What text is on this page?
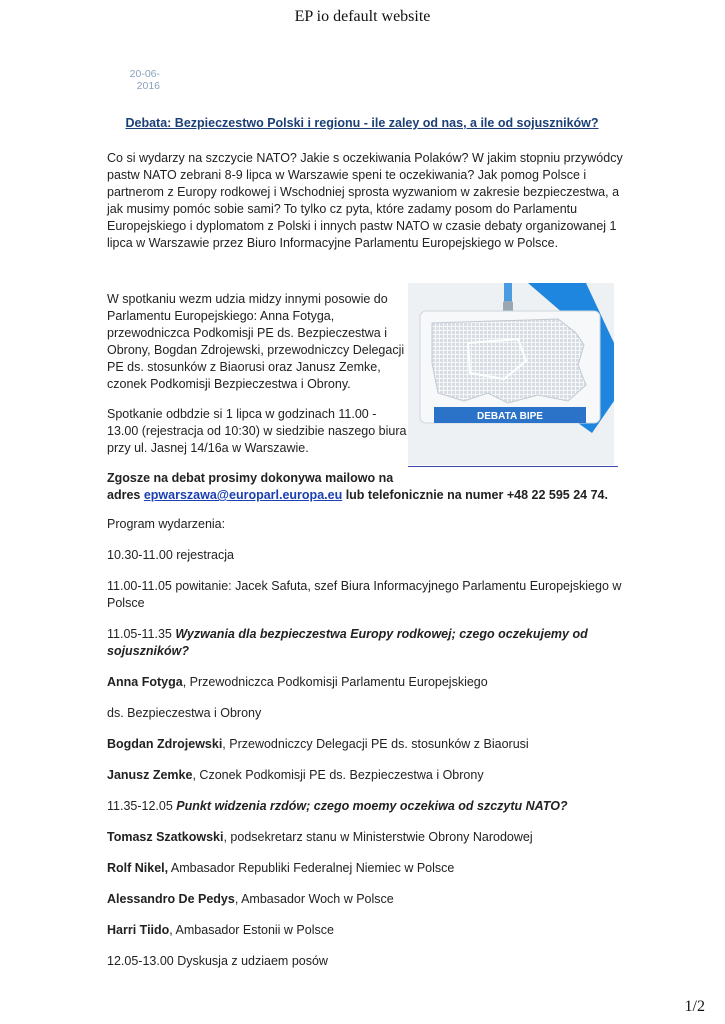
EP io default website
20-06-
2016
Debata: Bezpieczestwo Polski i regionu - ile zaley od nas, a ile od sojuszników?

Co si wydarzy na szczycie NATO? Jakie s oczekiwania Polaków? W jakim stopniu przywódcy pastw NATO zebrani 8-9 lipca w Warszawie speni te oczekiwania? Jak pomog Polsce i partnerom z Europy rodkowej i Wschodniej sprosta wyzwaniom w zakresie bezpieczestwa, a jak musimy pomóc sobie sami? To tylko cz pyta, które zadamy posom do Parlamentu Europejskiego i dyplomatom z Polski i innych pastw NATO w czasie debaty organizowanej 1 lipca w Warszawie przez Biuro Informacyjne Parlamentu Europejskiego w Polsce.

W spotkaniu wezm udzia midzy innymi posowie do Parlamentu Europejskiego: Anna Fotyga, przewodniczca Podkomisji PE ds. Bezpieczestwa i Obrony, Bogdan Zdrojewski, przewodniczcy Delegacji PE ds. stosunków z Biaorusi oraz Janusz Zemke, czonek Podkomisji Bezpieczestwa i Obrony.

Spotkanie odbdzie si 1 lipca w godzinach 11.00 - 13.00 (rejestracja od 10:30) w siedzibie naszego biura przy ul. Jasnej 14/16a w Warszawie.

DEBATA BIPE

Zgosze na debat prosimy dokonywa mailowo na
adres epwarszawa@europarl.europa.eu lub telefonicznie na numer +48 22 595 24 74.

Program wydarzenia:

10.30-11.00 rejestracja

11.00-11.05 powitanie: Jacek Safuta, szef Biura Informacyjnego Parlamentu Europejskiego w Polsce

11.05-11.35 Wyzwania dla bezpieczestwa Europy rodkowej; czego oczekujemy od sojuszników?

Anna Fotyga, Przewodniczca Podkomisji Parlamentu Europejskiego

ds. Bezpieczestwa i Obrony

Bogdan Zdrojewski, Przewodniczcy Delegacji PE ds. stosunków z Biaorusi

Janusz Zemke, Czonek Podkomisji PE ds. Bezpieczestwa i Obrony

11.35-12.05 Punkt widzenia rzdów; czego moemy oczekiwa od szczytu NATO?

Tomasz Szatkowski, podsekretarz stanu w Ministerstwie Obrony Narodowej

Rolf Nikel, Ambasador Republiki Federalnej Niemiec w Polsce

Alessandro De Pedys, Ambasador Woch w Polsce

Harri Tiido, Ambasador Estonii w Polsce

12.05-13.00 Dyskusja z udziaem posów

1/2
